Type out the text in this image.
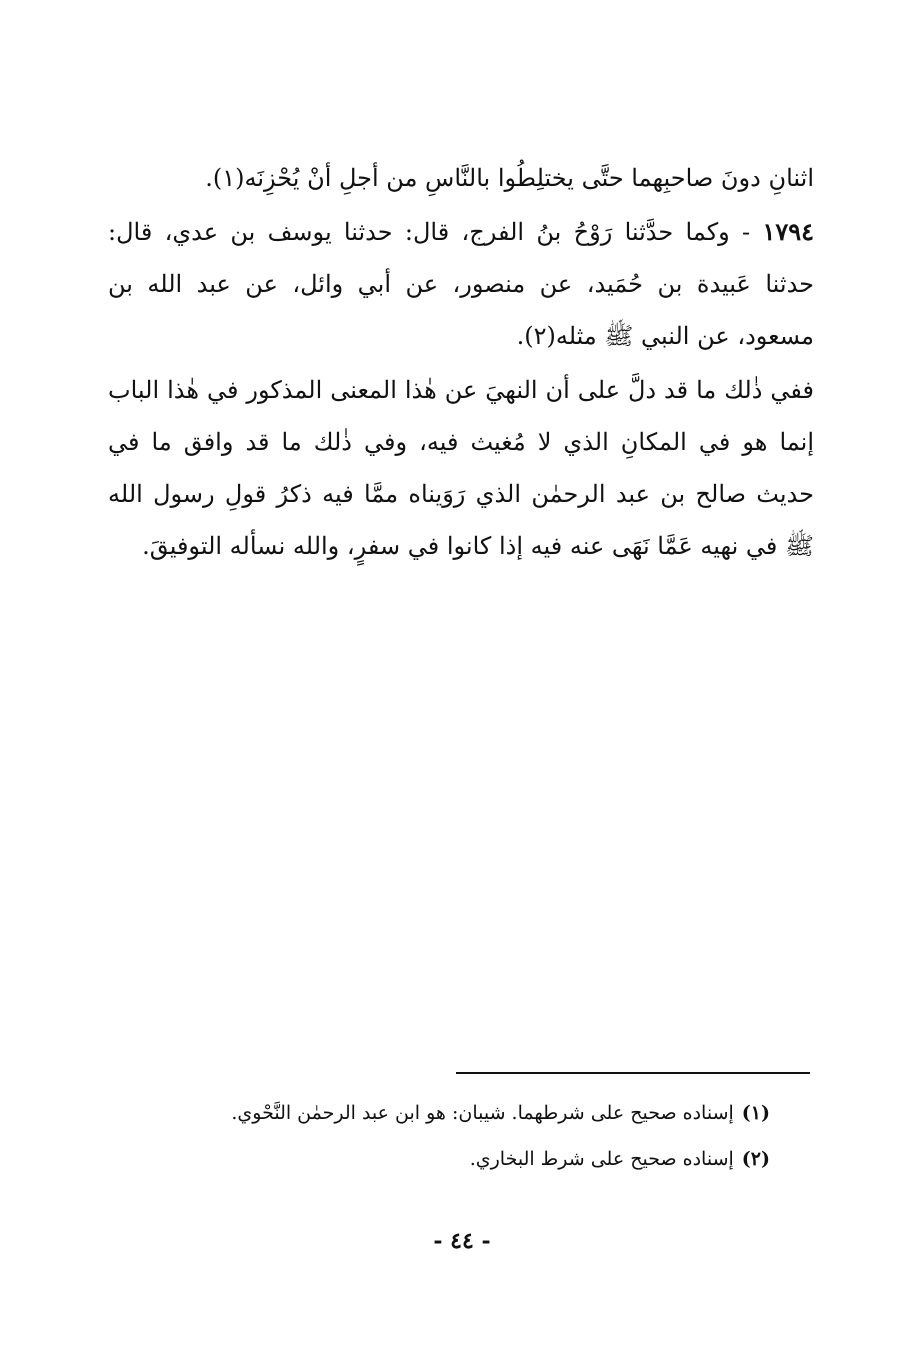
اثنانِ دونَ صاحبِهما حتَّى يختلِطُوا بالنَّاسِ من أجلِ أنْ يُحْزِنَه(١).

١٧٩٤ - وكما حدَّثنا رَوْحُ بنُ الفرج، قال: حدثنا يوسف بن عدي، قال: حدثنا عَبيدة بن حُمَيد، عن منصور، عن أبي وائل، عن عبد الله بن مسعود، عن النبي ﷺ مثله(٢).

ففي ذٰلك ما قد دلَّ على أن النهيَ عن هٰذا المعنى المذكور في هٰذا الباب إنما هو في المكانِ الذي لا مُغيث فيه، وفي ذٰلك ما قد وافق ما في حديث صالح بن عبد الرحمٰن الذي رَوَيناه ممَّا فيه ذكرُ قولِ رسول الله ﷺ في نهيه عَمَّا نَهَى عنه فيه إذا كانوا في سفرٍ، والله نسأله التوفيقَ.

(١)إسناده صحيح على شرطهما. شيبان: هو ابن عبد الرحمٰن النَّحْوي.

(٢)إسناده صحيح على شرط البخاري.

- ٤٤ -
